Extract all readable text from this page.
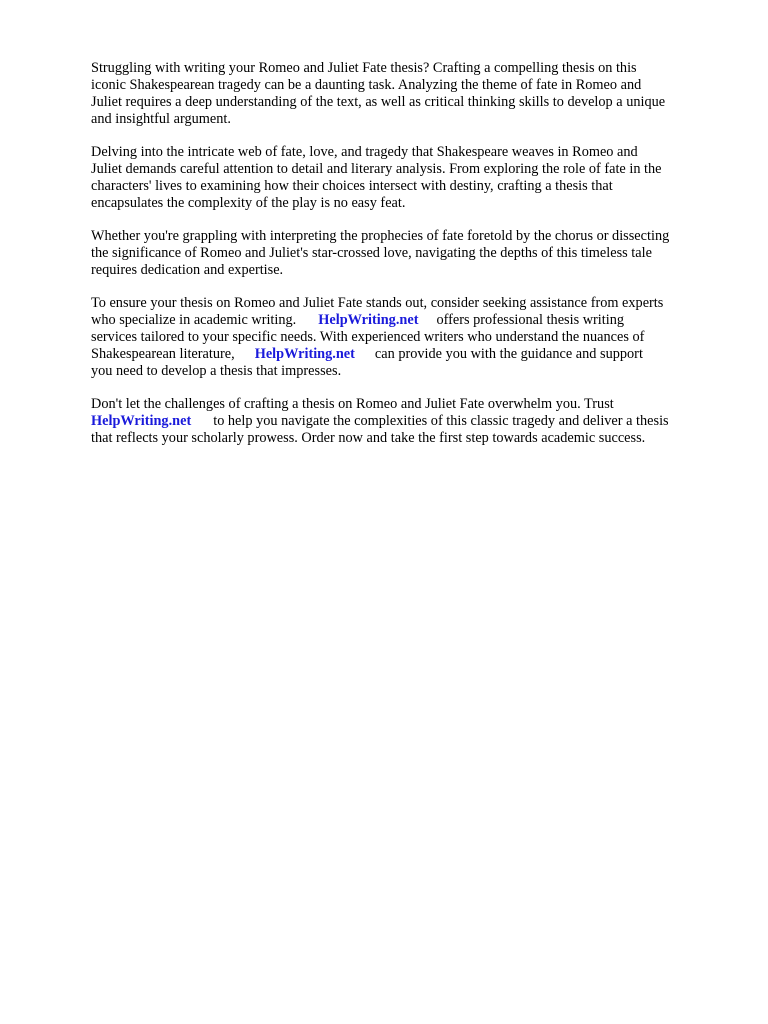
Struggling with writing your Romeo and Juliet Fate thesis? Crafting a compelling thesis on this
iconic Shakespearean tragedy can be a daunting task. Analyzing the theme of fate in Romeo and
Juliet requires a deep understanding of the text, as well as critical thinking skills to develop a unique
and insightful argument.

Delving into the intricate web of fate, love, and tragedy that Shakespeare weaves in Romeo and
Juliet demands careful attention to detail and literary analysis. From exploring the role of fate in the
characters' lives to examining how their choices intersect with destiny, crafting a thesis that
encapsulates the complexity of the play is no easy feat.

Whether you're grappling with interpreting the prophecies of fate foretold by the chorus or dissecting
the significance of Romeo and Juliet's star-crossed love, navigating the depths of this timeless tale
requires dedication and expertise.

To ensure your thesis on Romeo and Juliet Fate stands out, consider seeking assistance from experts
who specialize in academic writing. HelpWriting.net offers professional thesis writing
services tailored to your specific needs. With experienced writers who understand the nuances of
Shakespearean literature, HelpWriting.net can provide you with the guidance and support
you need to develop a thesis that impresses.

Don't let the challenges of crafting a thesis on Romeo and Juliet Fate overwhelm you. Trust
HelpWriting.net to help you navigate the complexities of this classic tragedy and deliver a thesis
that reflects your scholarly prowess. Order now and take the first step towards academic success.
